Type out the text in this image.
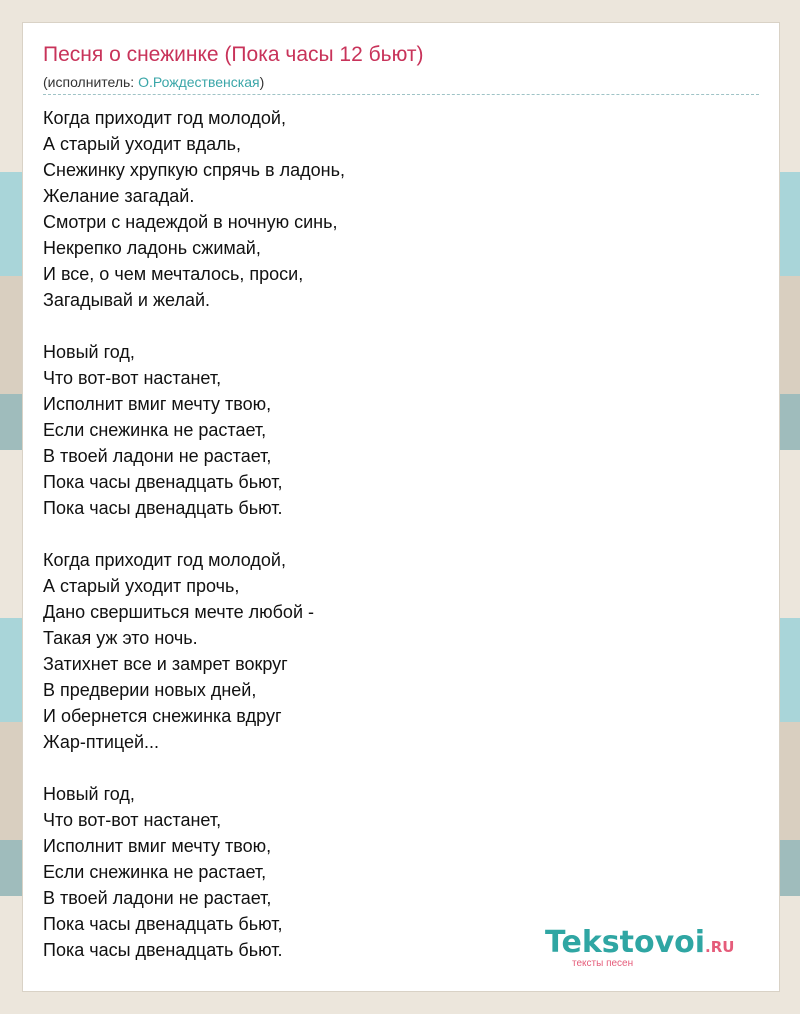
Песня о снежинке (Пока часы 12 бьют)
(исполнитель: О.Рождественская)
Когда приходит год молодой,
А старый уходит вдаль,
Снежинку хрупкую спрячь в ладонь,
Желание загадай.
Смотри с надеждой в ночную синь,
Некрепко ладонь сжимай,
И все, о чем мечталось, проси,
Загадывай и желай.

Новый год,
Что вот-вот настанет,
Исполнит вмиг мечту твою,
Если снежинка не растает,
В твоей ладони не растает,
Пока часы двенадцать бьют,
Пока часы двенадцать бьют.

Когда приходит год молодой,
А старый уходит прочь,
Дано свершиться мечте любой -
Такая уж это ночь.
Затихнет все и замрет вокруг
В предверии новых дней,
И обернется снежинка вдруг
Жар-птицей...

Новый год,
Что вот-вот настанет,
Исполнит вмиг мечту твою,
Если снежинка не растает,
В твоей ладони не растает,
Пока часы двенадцать бьют,
Пока часы двенадцать бьют.	Tekstovoi.RU
тексты песен
